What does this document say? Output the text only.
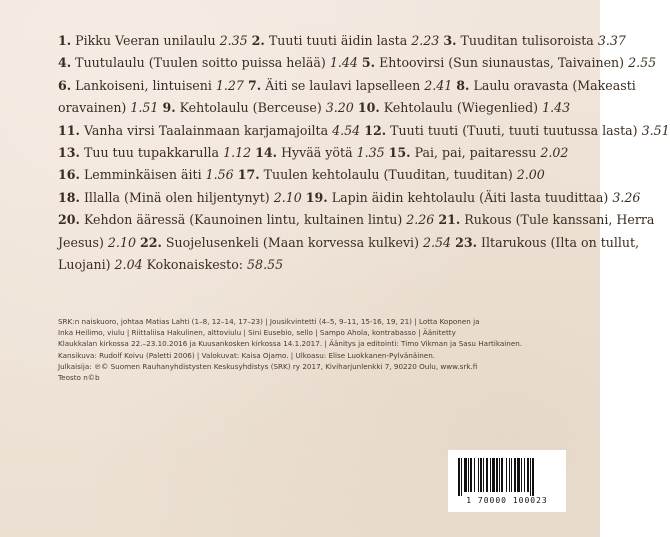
1. Pikku Veeran unilaulu 2.35 2. Tuuti tuuti äidin lasta 2.23 3. Tuuditan tulisoroista 3.37
4. Tuutulaulu (Tuulen soitto puissa helää) 1.44 5. Ehtoovirsi (Sun siunaustas, Taivainen) 2.55
6. Lankoiseni, lintuiseni 1.27 7. Äiti se laulavi lapselleen 2.41 8. Laulu oravasta (Makeasti
oravainen) 1.51 9. Kehtolaulu (Berceuse) 3.20 10. Kehtolaulu (Wiegenlied) 1.43
11. Vanha virsi Taalainmaan karjamajoilta 4.54 12. Tuuti tuuti (Tuuti, tuuti tuutussa lasta) 3.51
13. Tuu tuu tupakkarulla 1.12 14. Hyvää yötä 1.35 15. Pai, pai, paitaressu 2.02
16. Lemminkäisen äiti 1.56 17. Tuulen kehtolaulu (Tuuditan, tuuditan) 2.00
18. Illalla (Minä olen hiljentynyt) 2.10 19. Lapin äidin kehtolaulu (Äiti lasta tuudittaa) 3.26
20. Kehdon ääressä (Kaunoinen lintu, kultainen lintu) 2.26 21. Rukous (Tule kanssani, Herra
Jeesus) 2.10 22. Suojelusenkeli (Maan korvessa kulkevi) 2.54 23. Iltarukous (Ilta on tullut,
Luojani) 2.04 Kokonaiskesto: 58.55
SRK:n naiskuoro, johtaa Matias Lahti (1–8, 12–14, 17–23) | Jousikvintetti (4–5, 9–11, 15-16, 19, 21) | Lotta Koponen ja
Inka Heilimo, viulu | Riittaliisa Hakulinen, alttoviulu | Sini Eusebio, sello | Sampo Ahola, kontrabasso | Äänitetty
Klaukkalan kirkossa 22.–23.10.2016 ja Kuusankosken kirkossa 14.1.2017. | Äänitys ja editointi: Timo Vikman ja Sasu Hartikainen.
Kansikuva: Rudolf Koivu (Paletti 2006) | Valokuvat: Kaisa Ojamo. | Ulkoasu: Elise Luokkanen-Pylvänäinen.
Julkaisija: ℗© Suomen Rauhanyhdistysten Keskusyhdistys (SRK) ry 2017, Kiviharjunlenkki 7, 90220 Oulu, www.srk.fi
Teosto n©b
1 70000 100023
